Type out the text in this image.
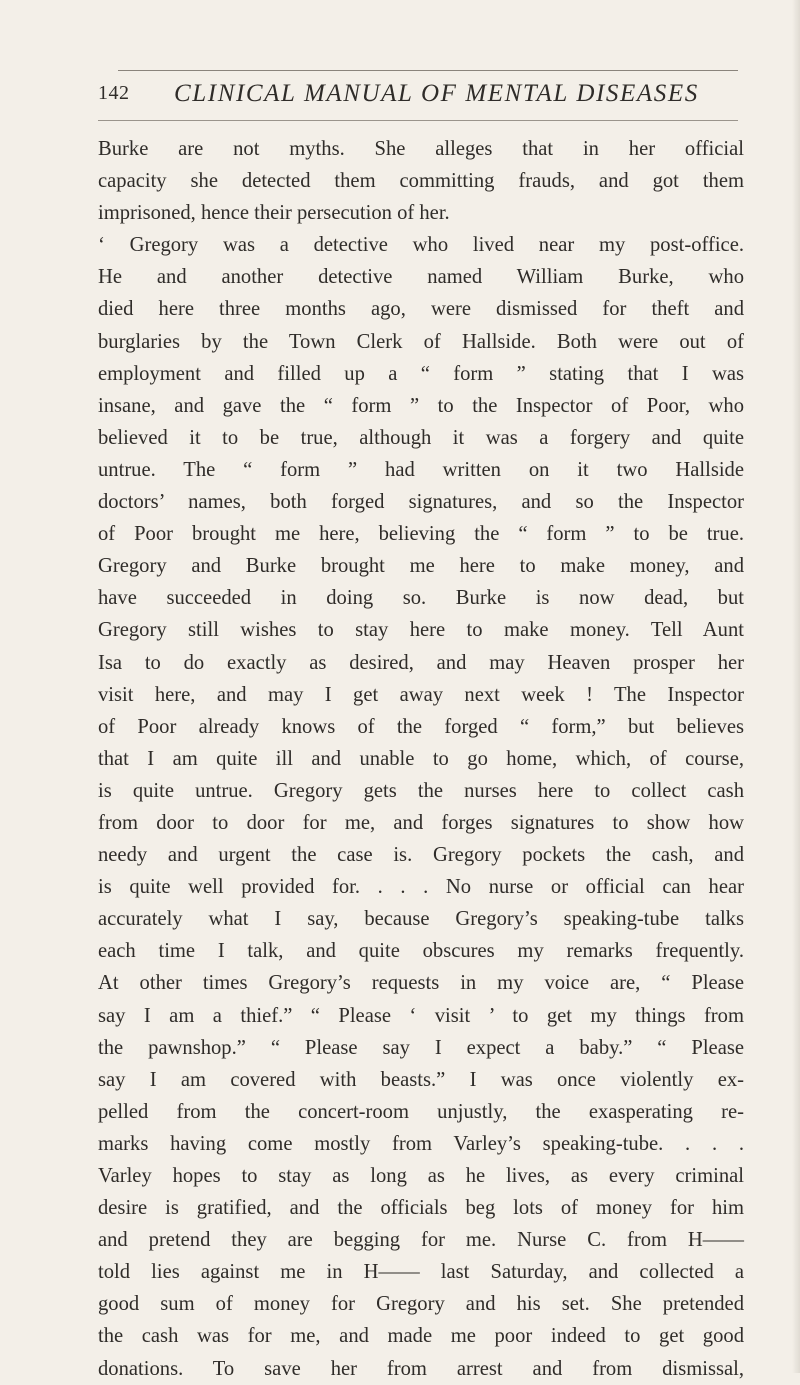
142 CLINICAL MANUAL OF MENTAL DISEASES
Burke are not myths. She alleges that in her official
capacity she detected them committing frauds, and got them
imprisoned, hence their persecution of her.
‘ Gregory was a detective who lived near my post-office.
He and another detective named William Burke, who
died here three months ago, were dismissed for theft and
burglaries by the Town Clerk of Hallside. Both were out of
employment and filled up a “ form ” stating that I was
insane, and gave the “ form ” to the Inspector of Poor, who
believed it to be true, although it was a forgery and quite
untrue. The “ form ” had written on it two Hallside
doctors’ names, both forged signatures, and so the Inspector
of Poor brought me here, believing the “ form ” to be true.
Gregory and Burke brought me here to make money, and
have succeeded in doing so. Burke is now dead, but
Gregory still wishes to stay here to make money. Tell Aunt
Isa to do exactly as desired, and may Heaven prosper her
visit here, and may I get away next week ! The Inspector
of Poor already knows of the forged “ form,” but believes
that I am quite ill and unable to go home, which, of course,
is quite untrue. Gregory gets the nurses here to collect cash
from door to door for me, and forges signatures to show how
needy and urgent the case is. Gregory pockets the cash, and
is quite well provided for. . . . No nurse or official can hear
accurately what I say, because Gregory’s speaking-tube talks
each time I talk, and quite obscures my remarks frequently.
At other times Gregory’s requests in my voice are, “ Please
say I am a thief.” “ Please ‘ visit ’ to get my things from
the pawnshop.” “ Please say I expect a baby.” “ Please
say I am covered with beasts.” I was once violently ex-
pelled from the concert-room unjustly, the exasperating re-
marks having come mostly from Varley’s speaking-tube. . . .
Varley hopes to stay as long as he lives, as every criminal
desire is gratified, and the officials beg lots of money for him
and pretend they are begging for me. Nurse C. from H——
told lies against me in H—— last Saturday, and collected a
good sum of money for Gregory and his set. She pretended
the cash was for me, and made me poor indeed to get good
donations. To save her from arrest and from dismissal,
